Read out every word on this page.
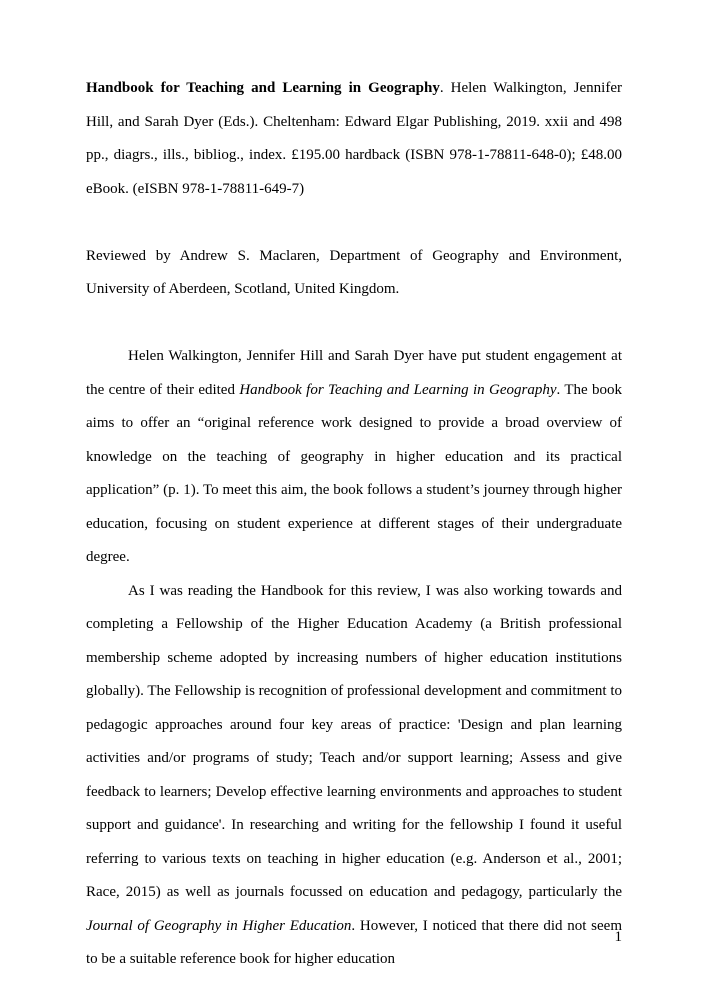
Handbook for Teaching and Learning in Geography. Helen Walkington, Jennifer Hill, and Sarah Dyer (Eds.). Cheltenham: Edward Elgar Publishing, 2019. xxii and 498 pp., diagrs., ills., bibliog., index. £195.00 hardback (ISBN 978-1-78811-648-0); £48.00 eBook. (eISBN 978-1-78811-649-7)

Reviewed by Andrew S. Maclaren, Department of Geography and Environment, University of Aberdeen, Scotland, United Kingdom.

Helen Walkington, Jennifer Hill and Sarah Dyer have put student engagement at the centre of their edited Handbook for Teaching and Learning in Geography. The book aims to offer an “original reference work designed to provide a broad overview of knowledge on the teaching of geography in higher education and its practical application” (p. 1). To meet this aim, the book follows a student’s journey through higher education, focusing on student experience at different stages of their undergraduate degree.

As I was reading the Handbook for this review, I was also working towards and completing a Fellowship of the Higher Education Academy (a British professional membership scheme adopted by increasing numbers of higher education institutions globally). The Fellowship is recognition of professional development and commitment to pedagogic approaches around four key areas of practice: 'Design and plan learning activities and/or programs of study; Teach and/or support learning; Assess and give feedback to learners; Develop effective learning environments and approaches to student support and guidance'. In researching and writing for the fellowship I found it useful referring to various texts on teaching in higher education (e.g. Anderson et al., 2001; Race, 2015) as well as journals focussed on education and pedagogy, particularly the Journal of Geography in Higher Education. However, I noticed that there did not seem to be a suitable reference book for higher education

1
